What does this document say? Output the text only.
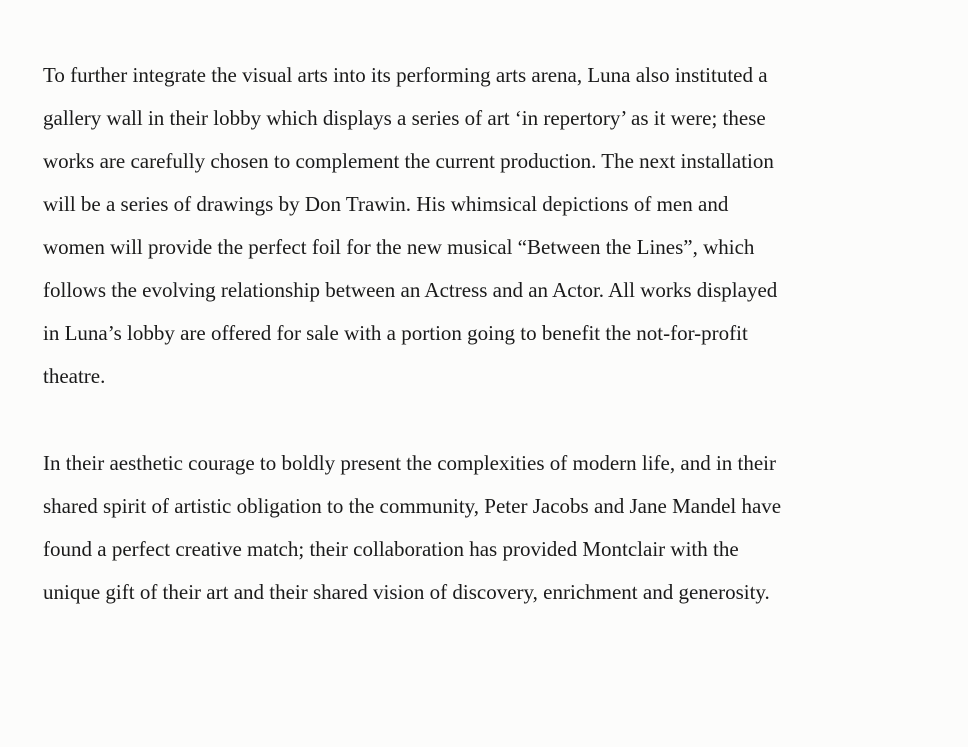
To further integrate the visual arts into its performing arts arena, Luna also instituted a

gallery wall in their lobby which displays a series of art ‘in repertory’ as it were; these

works are carefully chosen to complement the current production. The next installation

will be a series of drawings by Don Trawin. His whimsical depictions of men and

women will provide the perfect foil for the new musical “Between the Lines”, which

follows the evolving relationship between an Actress and an Actor. All works displayed

in Luna’s lobby are offered for sale with a portion going to benefit the not-for-profit

theatre.

In their aesthetic courage to boldly present the complexities of modern life, and in their

shared spirit of artistic obligation to the community, Peter Jacobs and Jane Mandel have

found a perfect creative match; their collaboration has provided Montclair with the

unique gift of their art and their shared vision of discovery, enrichment and generosity.
